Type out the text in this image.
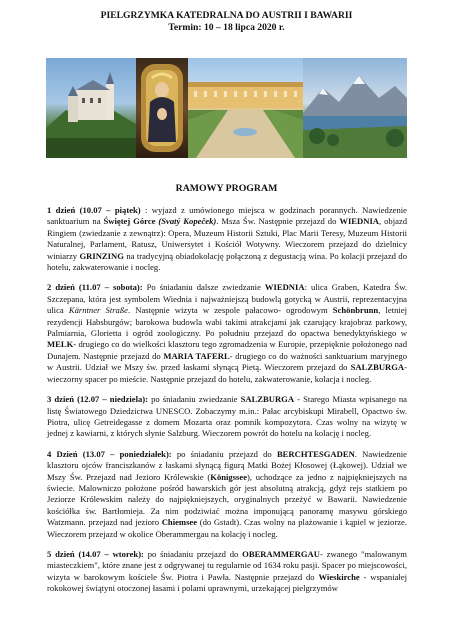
PIELGRZYMKA KATEDRALNA DO AUSTRII I BAWARII
Termin: 10 – 18 lipca 2020 r.
RAMOWY PROGRAM

1 dzień (10.07 – piątek) : wyjazd z umówionego miejsca w godzinach porannych. Nawiedzenie sanktuarium na Świętej Górce (Svatý Kopeček). Msza Św. Następnie przejazd do WIEDNIA, objazd Ringiem (zwiedzanie z zewnątrz): Opera, Muzeum Historii Sztuki, Plac Marii Teresy, Muzeum Historii Naturalnej, Parlament, Ratusz, Uniwersytet i Kościół Wotywny. Wieczorem przejazd do dzielnicy winiarzy GRINZING na tradycyjną obiadokolację połączoną z degustacją wina. Po kolacji przejazd do hotelu, zakwaterowanie i nocleg.

2 dzień (11.07 – sobota): Po śniadaniu dalsze zwiedzanie WIEDNIA: ulica Graben, Katedra Św. Szczepana, która jest symbolem Wiednia i najważniejszą budowlą gotycką w Austrii, reprezentacyjna ulica Kärntner Straße. Następnie wizyta w zespole pałacowo- ogrodowym Schönbrunn, letniej rezydencji Habsburgów; barokowa budowla wabi takimi atrakcjami jak czarujący krajobraz parkowy, Palmiarnia, Glorietta i ogród zoologiczny. Po południu przejazd do opactwa benedyktyńskiego w MELK- drugiego co do wielkości klasztoru tego zgromadzenia w Europie, przepięknie położonego nad Dunajem. Następnie przejazd do MARIA TAFERL- drugiego co do ważności sanktuarium maryjnego w Austrii. Udział we Mszy św. przed łaskami słynącą Pietą. Wieczorem przejazd do SALZBURGA- wieczorny spacer po mieście. Następnie przejazd do hotelu, zakwaterowanie, kolacja i nocleg.

3 dzień (12.07 – niedziela): po śniadaniu zwiedzanie SALZBURGA - Starego Miasta wpisanego na listę Światowego Dziedzictwa UNESCO. Zobaczymy m.in.: Pałac arcybiskupi Mirabell, Opactwo św. Piotra, ulicę Getreidegasse z domem Mozarta oraz pomnik kompozytora. Czas wolny na wizytę w jednej z kawiarni, z których słynie Salzburg. Wieczorem powrót do hotelu na kolację i nocleg.

4 Dzień (13.07 – poniedziałek): po śniadaniu przejazd do BERCHTESGADEN. Nawiedzenie klasztoru ojców franciszkanów z łaskami słynącą figurą Matki Bożej Kłosowej (Łąkowej). Udział we Mszy Św. Przejazd nad Jezioro Królewskie (Königssee), uchodzące za jedno z najpiękniejszych na świecie. Malowniczo położone pośród bawarskich gór jest absolutną atrakcją, gdyż rejs statkiem po Jeziorze Królewskim należy do najpiękniejszych, oryginalnych przeżyć w Bawarii. Nawiedzenie kościółka św. Bartłomieja. Za nim podziwiać można imponującą panoramę masywu górskiego Watzmann. przejazd nad jezioro Chiemsee (do Gstadt). Czas wolny na plażowanie i kąpiel w jeziorze. Wieczorem przejazd w okolice Oberammergau na kolację i nocleg.

5 dzień (14.07 – wtorek): po śniadaniu przejazd do OBERAMMERGAU- zwanego "malowanym miasteczkiem", które znane jest z odgrywanej tu regularnie od 1634 roku pasji. Spacer po miejscowości, wizyta w barokowym kościele Św. Piotra i Pawła. Następnie przejazd do Wieskirche - wspaniałej rokokowej świątyni otoczonej łasami i polami uprawnymi, urzekającej pielgrzymów
